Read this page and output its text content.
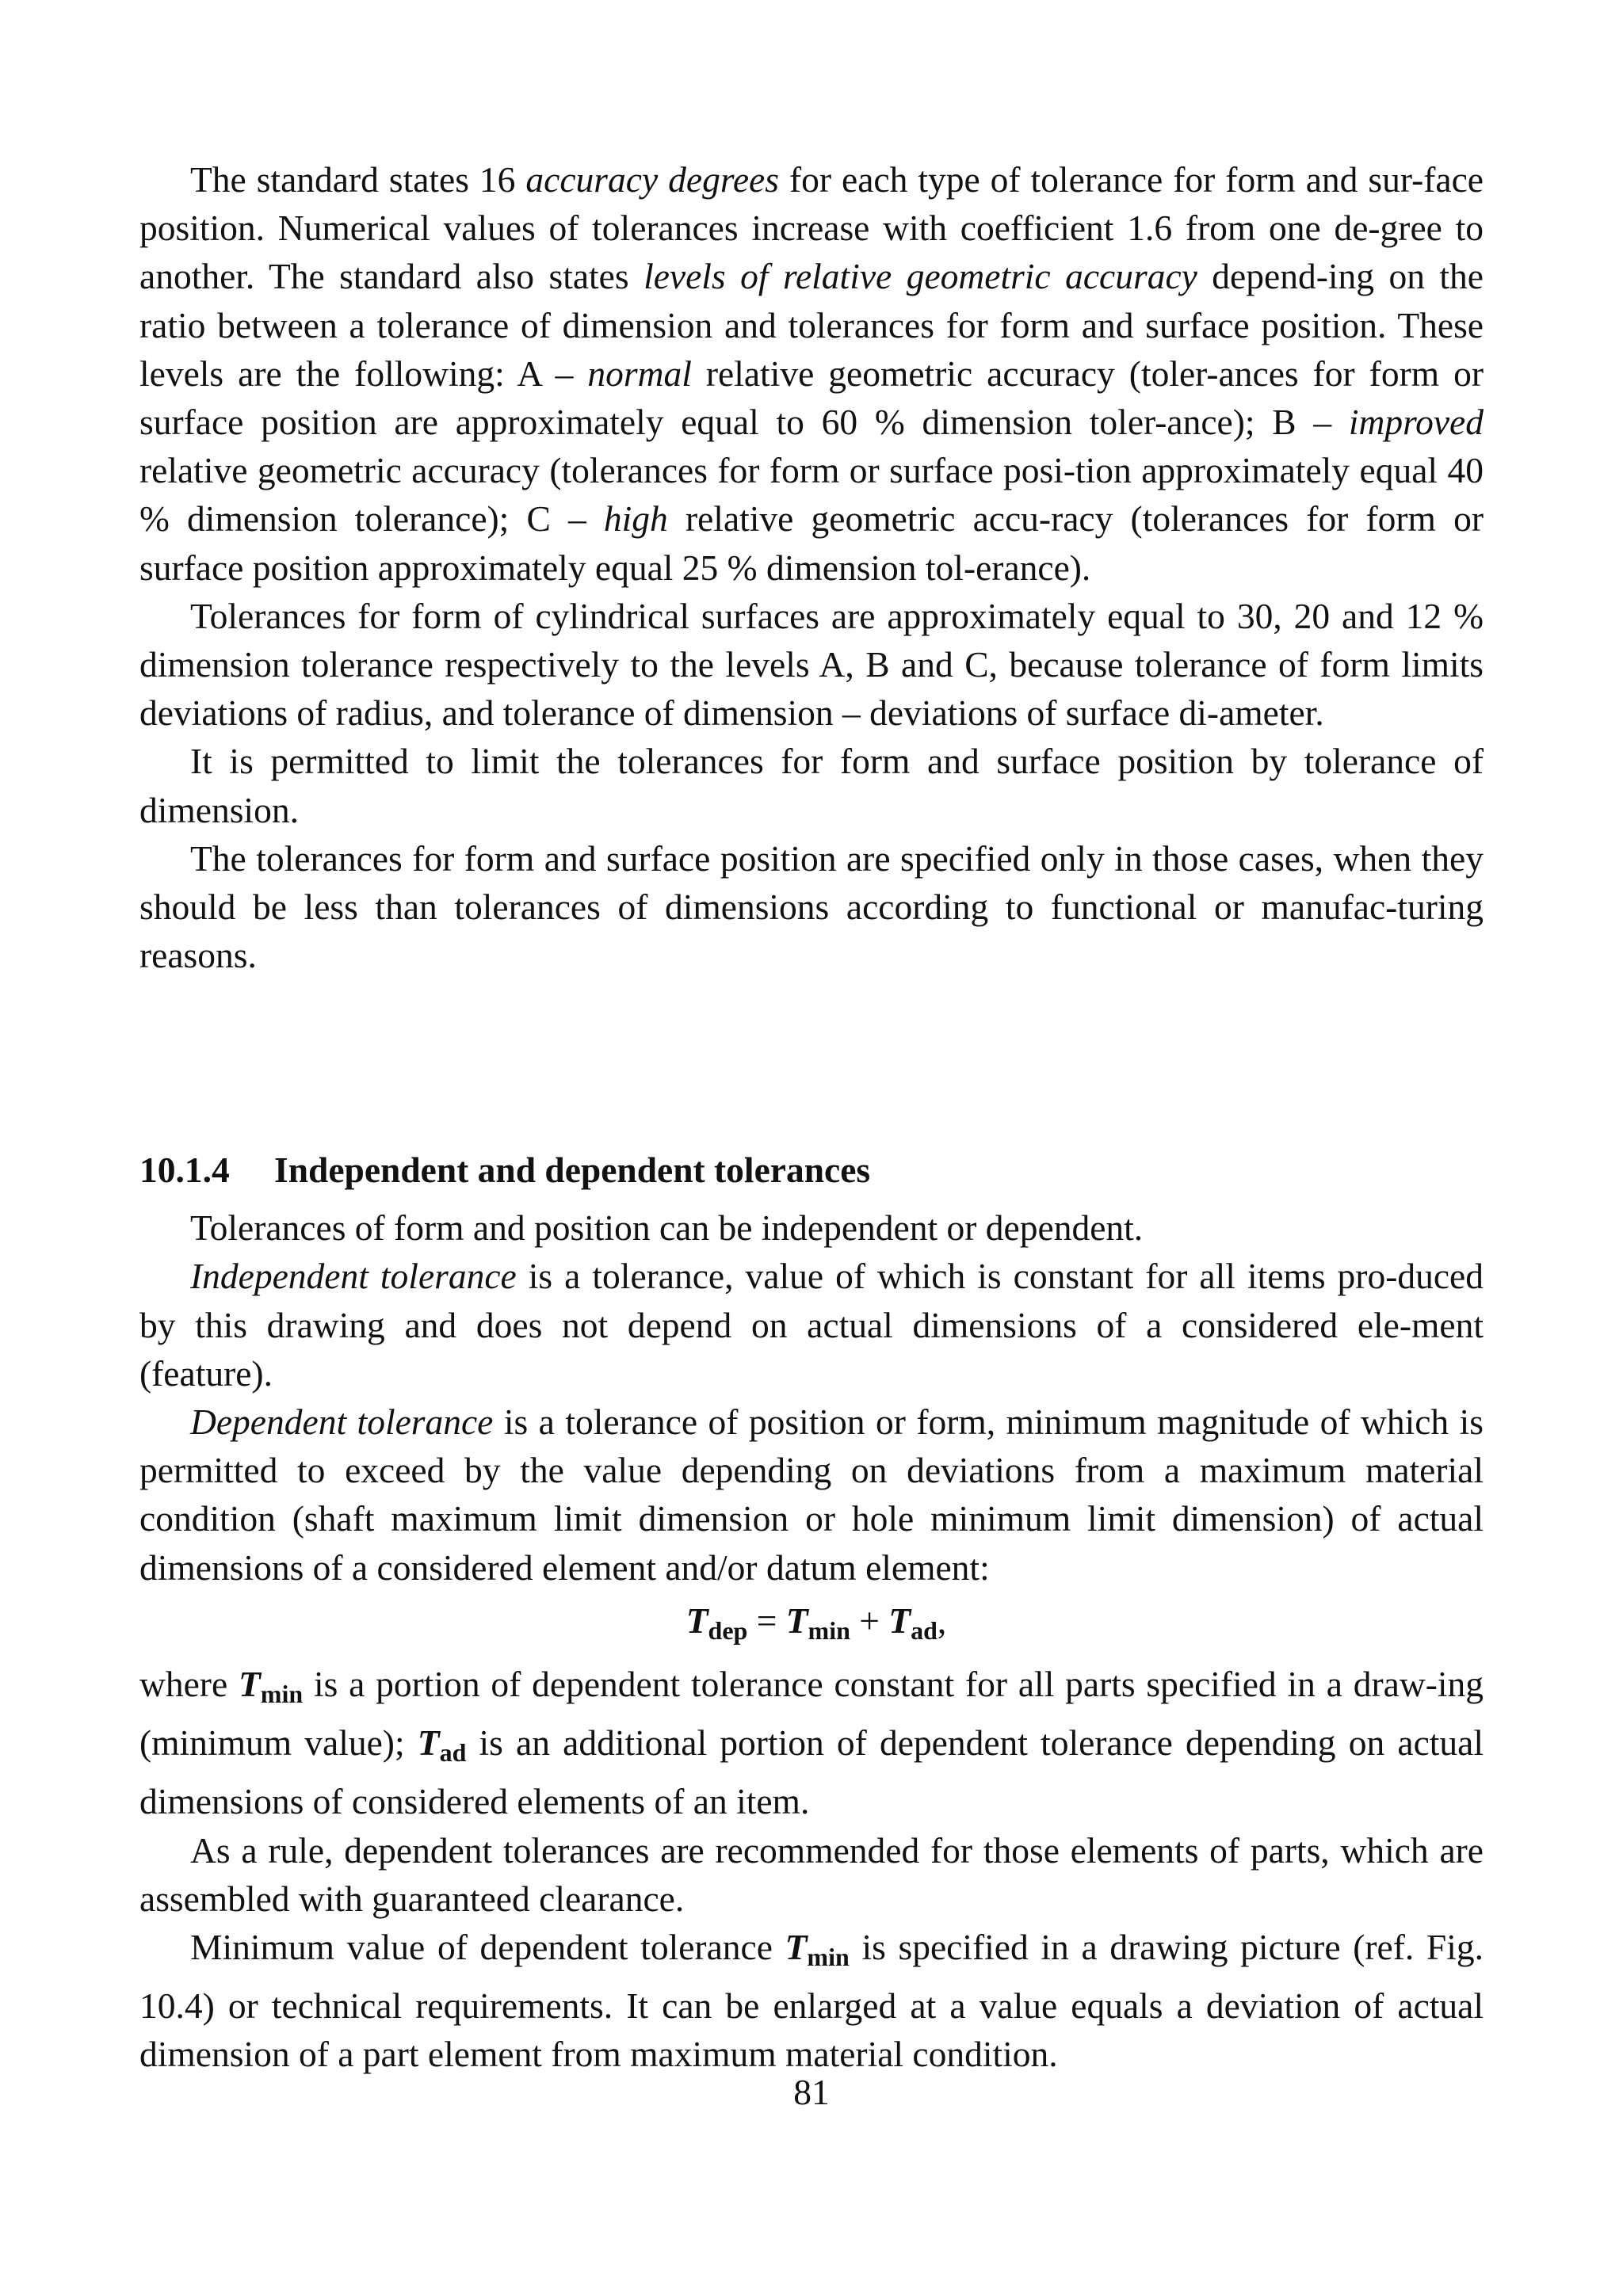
The standard states 16 accuracy degrees for each type of tolerance for form and sur-face position. Numerical values of tolerances increase with coefficient 1.6 from one de-gree to another. The standard also states levels of relative geometric accuracy depend-ing on the ratio between a tolerance of dimension and tolerances for form and surface position. These levels are the following: A – normal relative geometric accuracy (toler-ances for form or surface position are approximately equal to 60 % dimension toler-ance); B – improved relative geometric accuracy (tolerances for form or surface posi-tion approximately equal 40 % dimension tolerance); C – high relative geometric accu-racy (tolerances for form or surface position approximately equal 25 % dimension tol-erance).

Tolerances for form of cylindrical surfaces are approximately equal to 30, 20 and 12 % dimension tolerance respectively to the levels A, B and C, because tolerance of form limits deviations of radius, and tolerance of dimension – deviations of surface di-ameter.

It is permitted to limit the tolerances for form and surface position by tolerance of dimension.

The tolerances for form and surface position are specified only in those cases, when they should be less than tolerances of dimensions according to functional or manufac-turing reasons.

10.1.4	Independent and dependent tolerances

Tolerances of form and position can be independent or dependent.

Independent tolerance is a tolerance, value of which is constant for all items pro-duced by this drawing and does not depend on actual dimensions of a considered ele-ment (feature).

Dependent tolerance is a tolerance of position or form, minimum magnitude of which is permitted to exceed by the value depending on deviations from a maximum material condition (shaft maximum limit dimension or hole minimum limit dimension) of actual dimensions of a considered element and/or datum element:

$T_{dep} = T_{min} + T_{ad}$,

where $T_{min}$ is a portion of dependent tolerance constant for all parts specified in a draw-ing (minimum value); $T_{ad}$ is an additional portion of dependent tolerance depending on actual dimensions of considered elements of an item.

As a rule, dependent tolerances are recommended for those elements of parts, which are assembled with guaranteed clearance.

Minimum value of dependent tolerance $T_{min}$ is specified in a drawing picture (ref. Fig. 10.4) or technical requirements. It can be enlarged at a value equals a deviation of actual dimension of a part element from maximum material condition.

81
